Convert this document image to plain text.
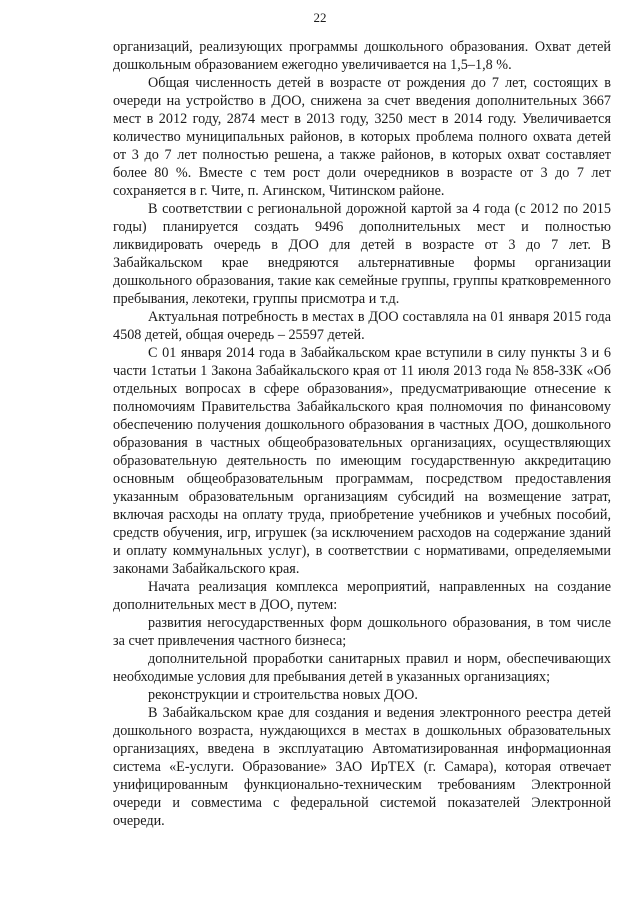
22

организаций, реализующих программы дошкольного образования. Охват детей дошкольным образованием ежегодно увеличивается на 1,5–1,8 %.

Общая численность детей в возрасте от рождения до 7 лет, состоящих в очереди на устройство в ДОО, снижена за счет введения дополнительных 3667 мест в 2012 году, 2874 мест в 2013 году, 3250 мест в 2014 году. Увеличивается количество муниципальных районов, в которых проблема полного охвата детей от 3 до 7 лет полностью решена, а также районов, в которых охват составляет более 80 %. Вместе с тем рост доли очередников в возрасте от 3 до 7 лет сохраняется в г. Чите, п. Агинском, Читинском районе.

В соответствии с региональной дорожной картой за 4 года (с 2012 по 2015 годы) планируется создать 9496 дополнительных мест и полностью ликвидировать очередь в ДОО для детей в возрасте от 3 до 7 лет. В Забайкальском крае внедряются альтернативные формы организации дошкольного образования, такие как семейные группы, группы кратковременного пребывания, лекотеки, группы присмотра и т.д.

Актуальная потребность в местах в ДОО составляла на 01 января 2015 года 4508 детей, общая очередь – 25597 детей.

С 01 января 2014 года в Забайкальском крае вступили в силу пункты 3 и 6 части 1статьи 1 Закона Забайкальского края от 11 июля 2013 года № 858-ЗЗК «Об отдельных вопросах в сфере образования», предусматривающие отнесение к полномочиям Правительства Забайкальского края полномочия по финансовому обеспечению получения дошкольного образования в частных ДОО, дошкольного образования в частных общеобразовательных организациях, осуществляющих образовательную деятельность по имеющим государственную аккредитацию основным общеобразовательным программам, посредством предоставления указанным образовательным организациям субсидий на возмещение затрат, включая расходы на оплату труда, приобретение учебников и учебных пособий, средств обучения, игр, игрушек (за исключением расходов на содержание зданий и оплату коммунальных услуг), в соответствии с нормативами, определяемыми законами Забайкальского края.

Начата реализация комплекса мероприятий, направленных на создание дополнительных мест в ДОО, путем:

развития негосударственных форм дошкольного образования, в том числе за счет привлечения частного бизнеса;

дополнительной проработки санитарных правил и норм, обеспечивающих необходимые условия для пребывания детей в указанных организациях;

реконструкции и строительства новых ДОО.

В Забайкальском крае для создания и ведения электронного реестра детей дошкольного возраста, нуждающихся в местах в дошкольных образовательных организациях, введена в эксплуатацию Автоматизированная информационная система «Е-услуги. Образование» ЗАО ИрТЕХ (г. Самара), которая отвечает унифицированным функционально-техническим требованиям Электронной очереди и совместима с федеральной системой показателей Электронной очереди.
